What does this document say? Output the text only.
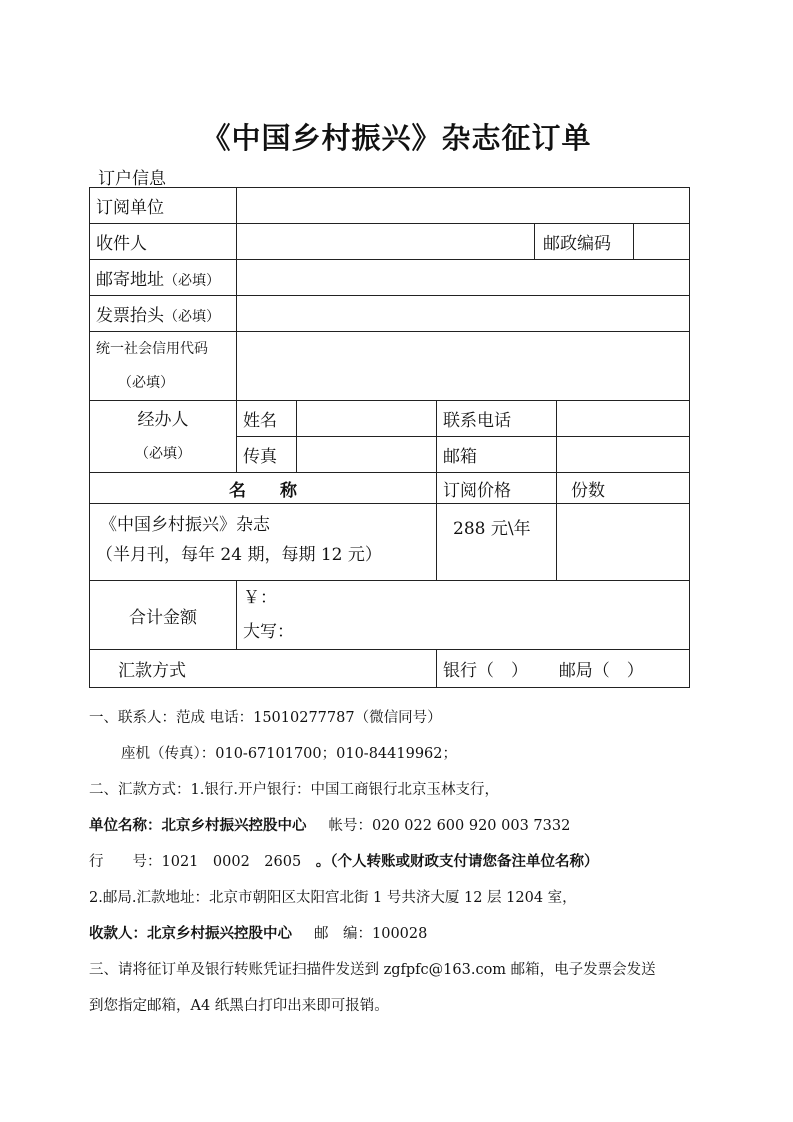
《中国乡村振兴》杂志征订单
订户信息
订阅单位					
收件人				邮政编码	

邮寄地址（必填）					
发票抬头（必填）					

统一社会信用代码
（必填）					

经办人
（必填）	姓名		联系电话		
	传真		邮箱		
名　　称			订阅价格		份数

《中国乡村振兴》杂志
（半月刊，每年 24 期，每期 12 元）			288 元\年		
合计金额	￥：
大写：				

汇款方式			银行（　） 邮局（　）		

一、联系人：范成 电话：15010277787（微信同号）

座机（传真）：010-67101700；010-84419962；

二、汇款方式：1.银行.开户银行：中国工商银行北京玉林支行，

单位名称：北京乡村振兴控股中心 帐号：020 022 600 920 003 7332

行　　号：1021　0002　2605　。（个人转账或财政支付请您备注单位名称）

2.邮局.汇款地址：北京市朝阳区太阳宫北街 1 号共济大厦 12 层 1204 室，

收款人：北京乡村振兴控股中心 邮　编：100028

三、请将征订单及银行转账凭证扫描件发送到 zgfpfc@163.com 邮箱，电子发票会发送

到您指定邮箱，A4 纸黑白打印出来即可报销。
